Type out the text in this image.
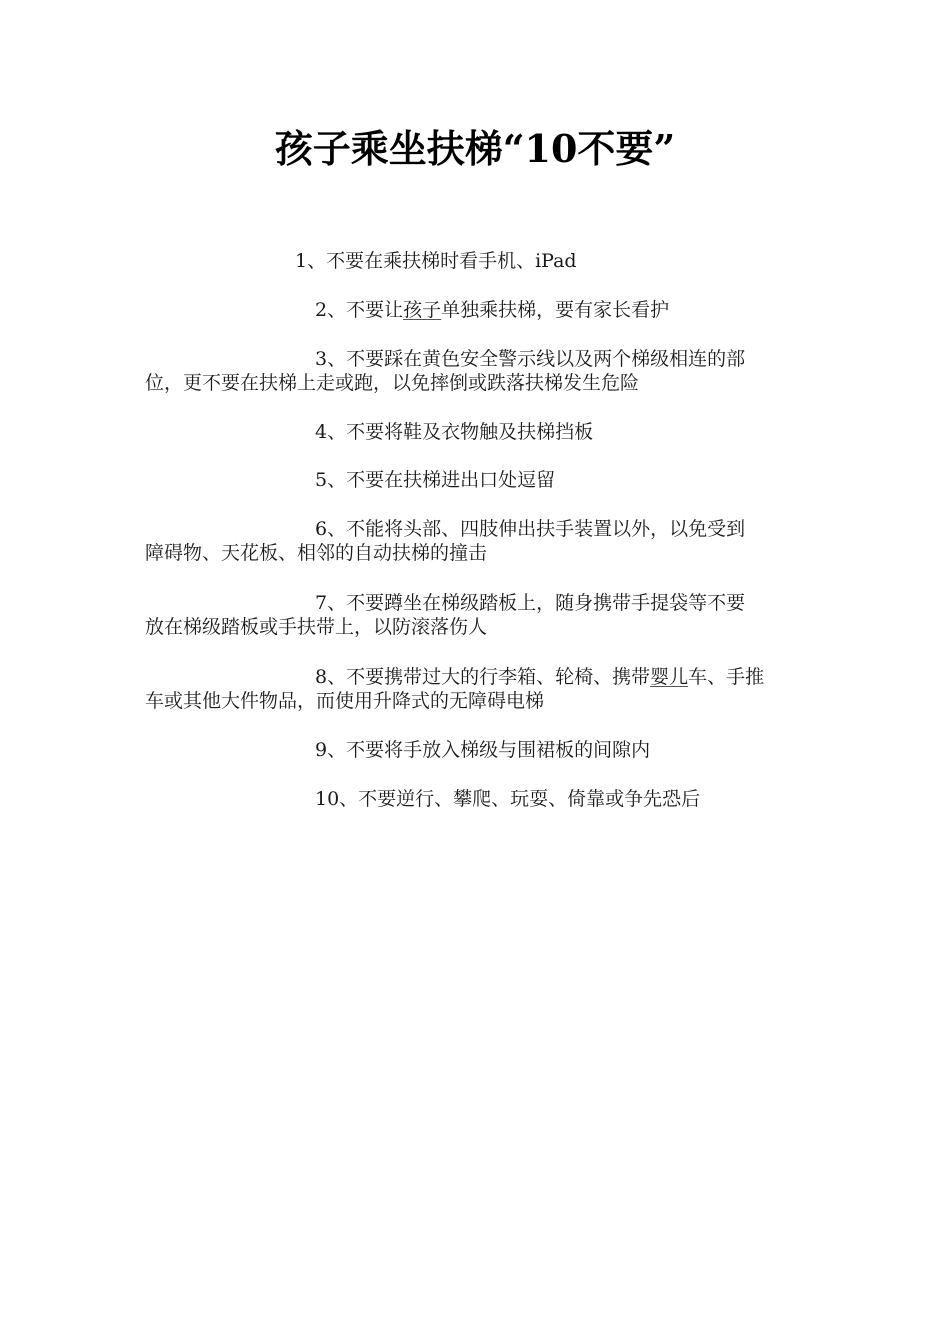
孩子乘坐扶梯“10不要”

1、不要在乘扶梯时看手机、iPad

2、不要让孩子单独乘扶梯，要有家长看护

3、不要踩在黄色安全警示线以及两个梯级相连的部
位，更不要在扶梯上走或跑，以免摔倒或跌落扶梯发生危险

4、不要将鞋及衣物触及扶梯挡板

5、不要在扶梯进出口处逗留

6、不能将头部、四肢伸出扶手装置以外，以免受到
障碍物、天花板、相邻的自动扶梯的撞击
7、不要蹲坐在梯级踏板上，随身携带手提袋等不要
放在梯级踏板或手扶带上，以防滚落伤人
8、不要携带过大的行李箱、轮椅、携带婴儿车、手推
车或其他大件物品，而使用升降式的无障碍电梯

9、不要将手放入梯级与围裙板的间隙内

10、不要逆行、攀爬、玩耍、倚靠或争先恐后
